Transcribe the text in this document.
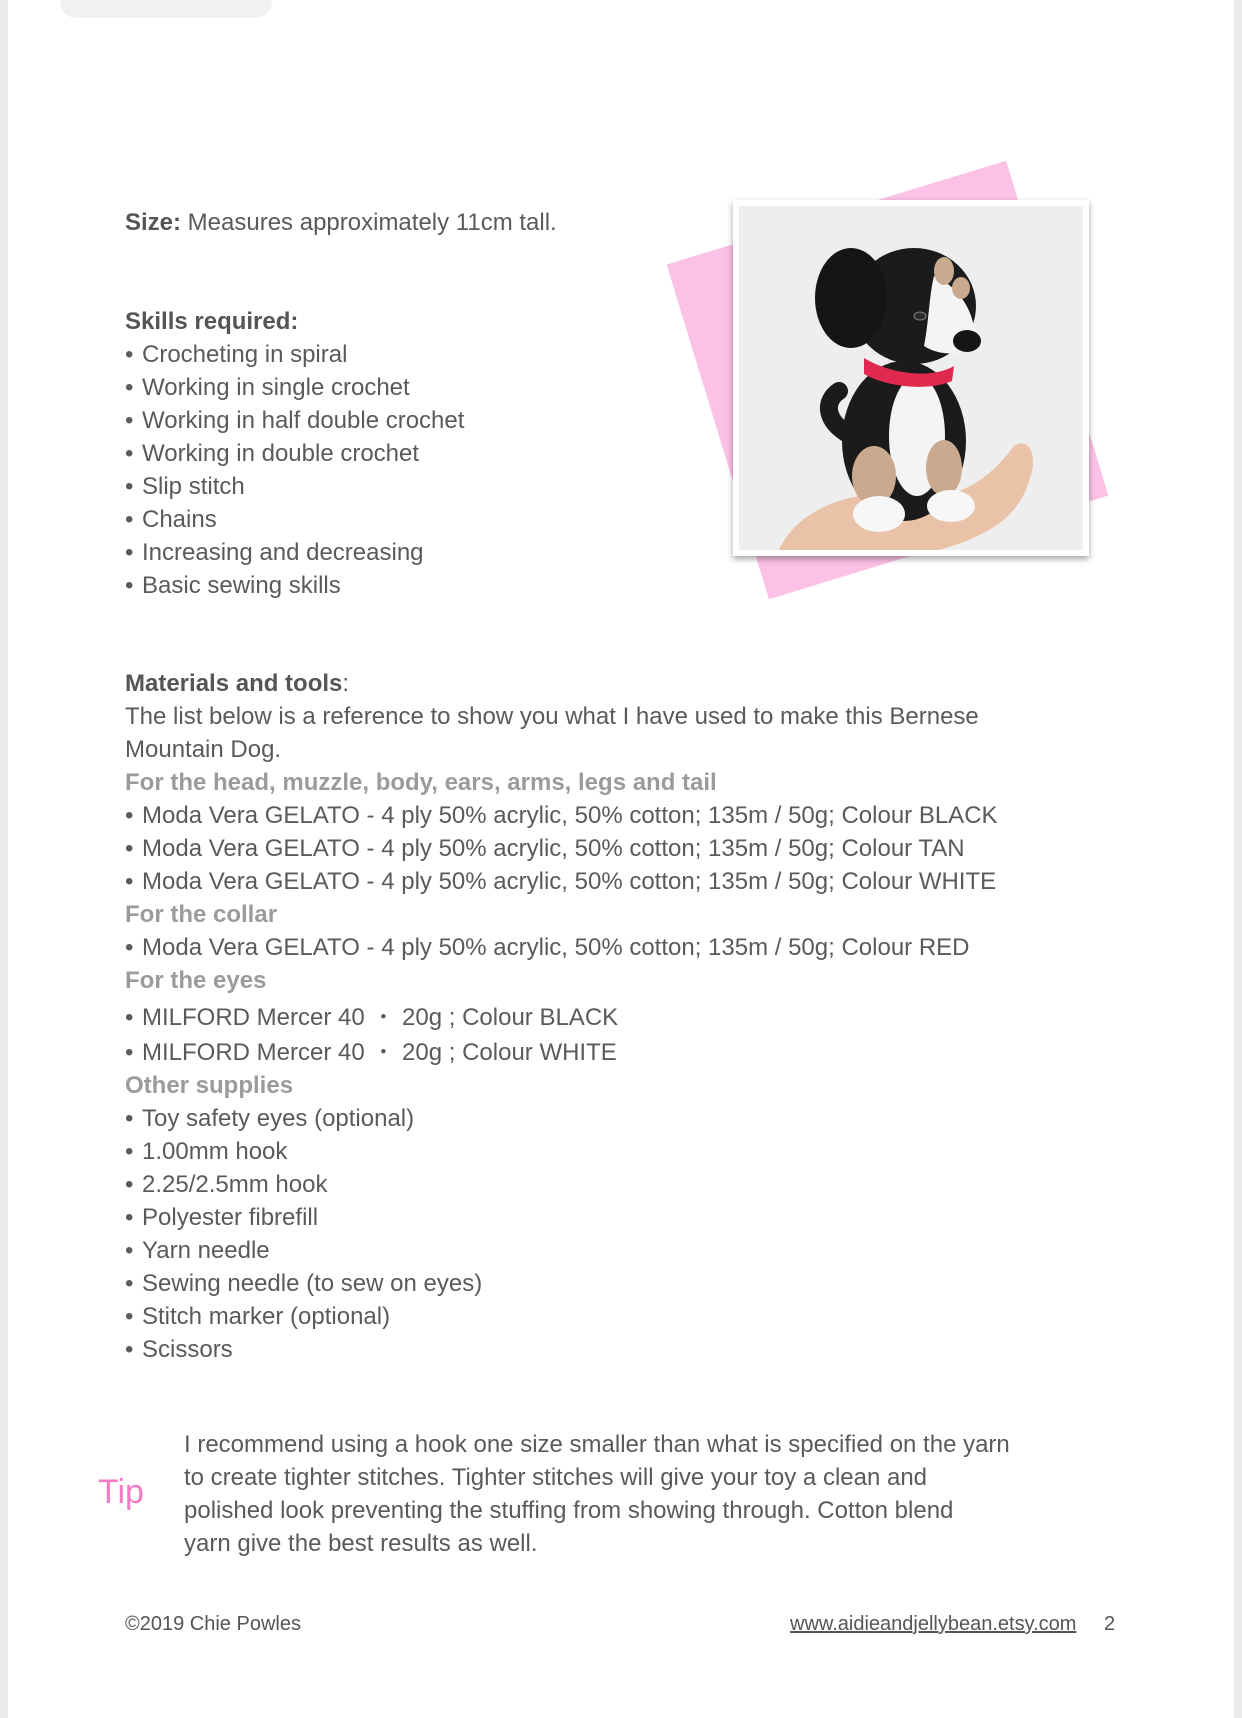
Size: Measures approximately 11cm tall.
Skills required:
• Crocheting in spiral
• Working in single crochet
• Working in half double crochet
• Working in double crochet
• Slip stitch
• Chains
• Increasing and decreasing
• Basic sewing skills
Materials and tools:
The list below is a reference to show you what I have used to make this Bernese
Mountain Dog.
For the head, muzzle, body, ears, arms, legs and tail
• Moda Vera GELATO - 4 ply 50% acrylic, 50% cotton; 135m / 50g; Colour BLACK
• Moda Vera GELATO - 4 ply 50% acrylic, 50% cotton; 135m / 50g; Colour TAN
• Moda Vera GELATO - 4 ply 50% acrylic, 50% cotton; 135m / 50g; Colour WHITE
For the collar
• Moda Vera GELATO - 4 ply 50% acrylic, 50% cotton; 135m / 50g; Colour RED
For the eyes
• MILFORD Mercer 40 ・ 20g ; Colour BLACK
• MILFORD Mercer 40 ・ 20g ; Colour WHITE
Other supplies
• Toy safety eyes (optional)
• 1.00mm hook
• 2.25/2.5mm hook
• Polyester fibrefill
• Yarn needle
• Sewing needle (to sew on eyes)
• Stitch marker (optional)
• Scissors
Tip
I recommend using a hook one size smaller than what is specified on the yarn
to create tighter stitches. Tighter stitches will give your toy a clean and
polished look preventing the stuffing from showing through. Cotton blend
yarn give the best results as well.
©2019 Chie Powles	www.aidieandjellybean.etsy.com 2
